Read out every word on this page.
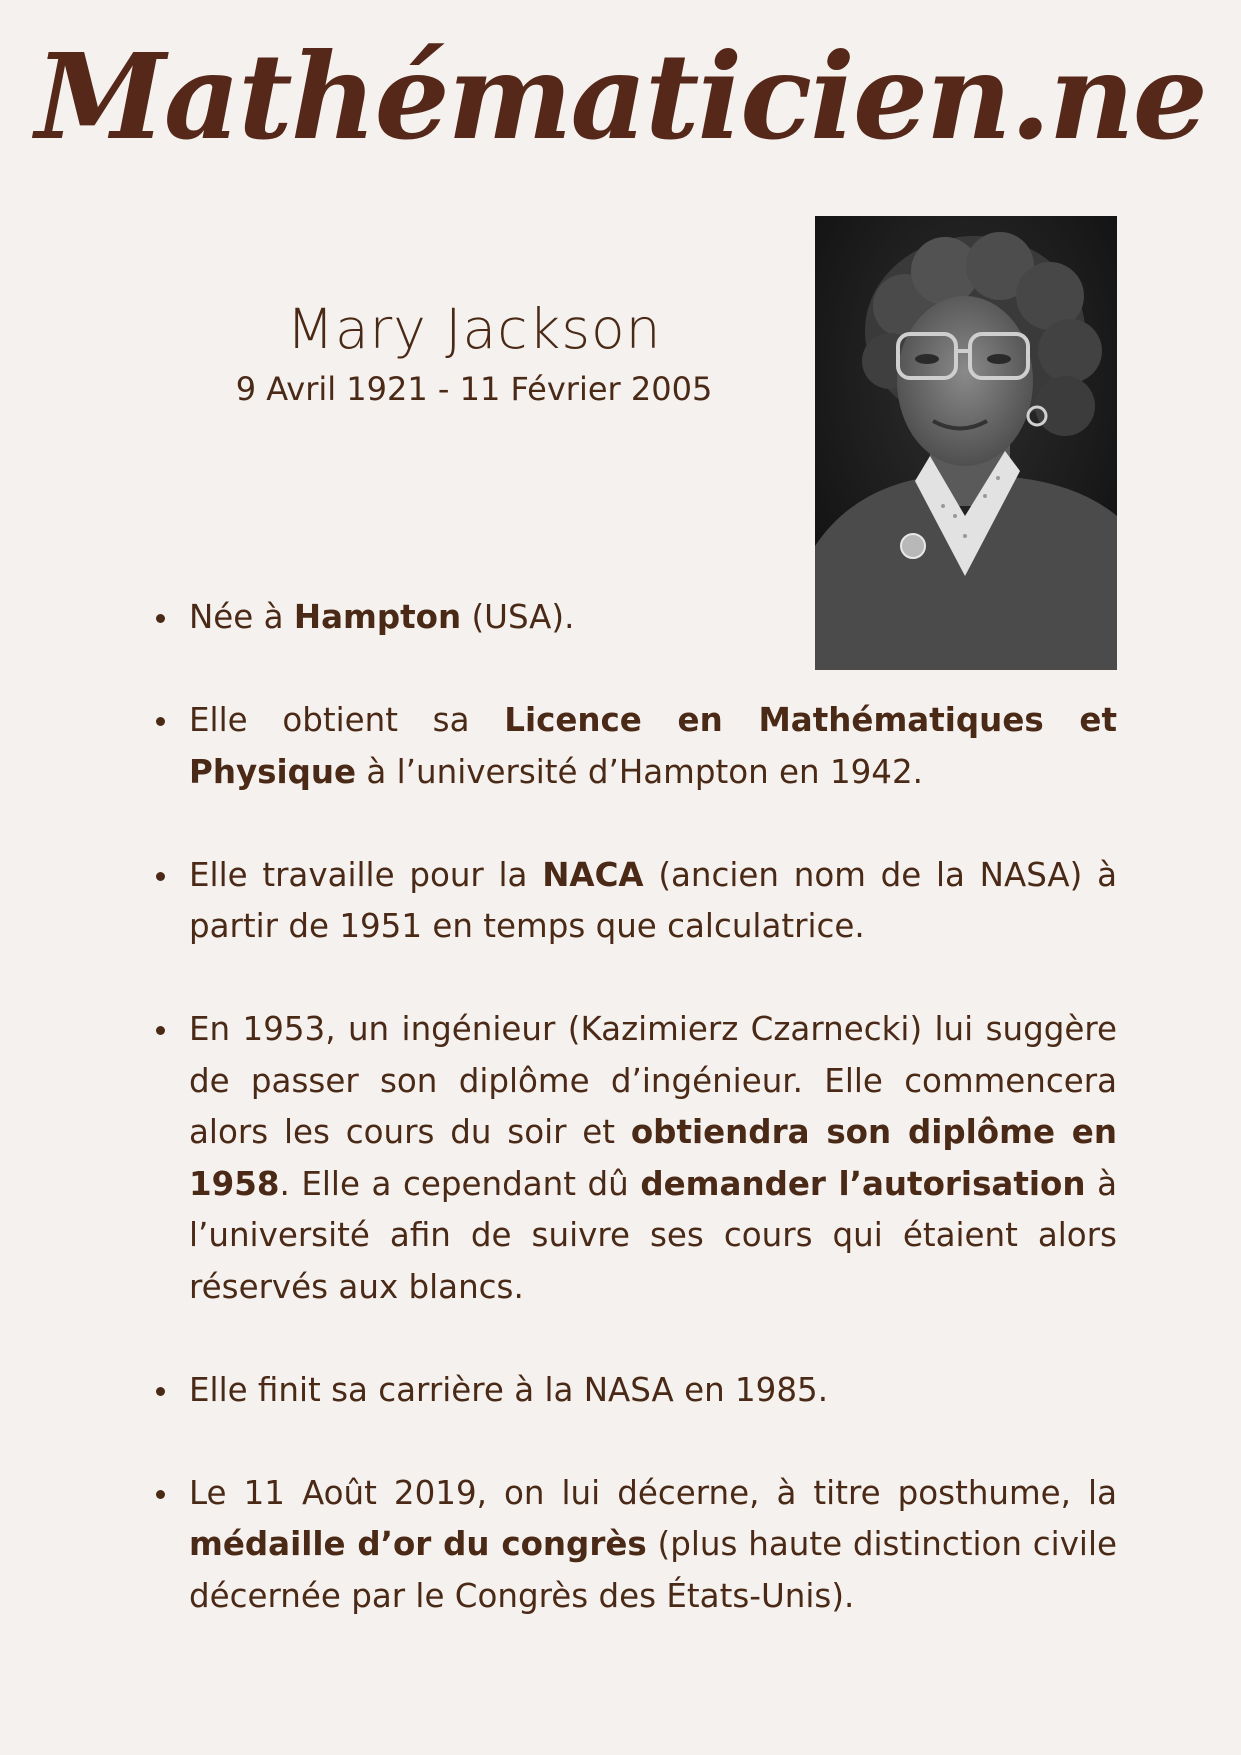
Mathématicien.ne
Mary Jackson
9 Avril 1921 - 11 Février 2005
Née à Hampton (USA).
Elle obtient sa Licence en Mathématiques et Physique à l’université d’Hampton en 1942.
Elle travaille pour la NACA (ancien nom de la NASA) à partir de 1951 en temps que calculatrice.
En 1953, un ingénieur (Kazimierz Czarnecki) lui suggère de passer son diplôme d’ingénieur. Elle commencera alors les cours du soir et obtiendra son diplôme en 1958. Elle a cependant dû demander l’autorisation à l’université afin de suivre ses cours qui étaient alors réservés aux blancs.
Elle finit sa carrière à la NASA en 1985.
Le 11 Août 2019, on lui décerne, à titre posthume, la médaille d’or du congrès (plus haute distinction civile décernée par le Congrès des États-Unis).
